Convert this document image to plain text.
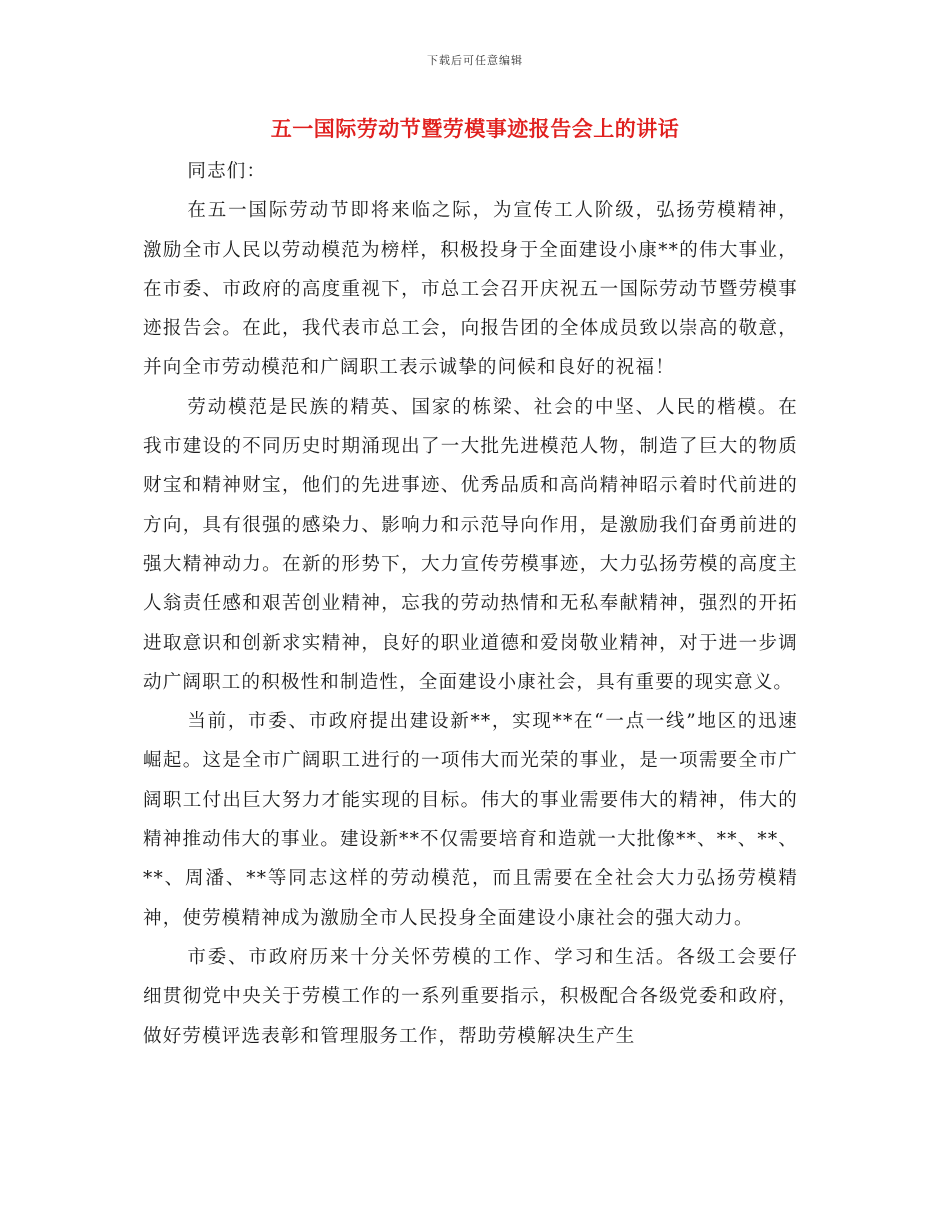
下载后可任意编辑
五一国际劳动节暨劳模事迹报告会上的讲话

同志们：

在五一国际劳动节即将来临之际，为宣传工人阶级，弘扬劳模精神，激励全市人民以劳动模范为榜样，积极投身于全面建设小康**的伟大事业，在市委、市政府的高度重视下，市总工会召开庆祝五一国际劳动节暨劳模事迹报告会。在此，我代表市总工会，向报告团的全体成员致以崇高的敬意，并向全市劳动模范和广阔职工表示诚挚的问候和良好的祝福！

劳动模范是民族的精英、国家的栋梁、社会的中坚、人民的楷模。在我市建设的不同历史时期涌现出了一大批先进模范人物，制造了巨大的物质财宝和精神财宝，他们的先进事迹、优秀品质和高尚精神昭示着时代前进的方向，具有很强的感染力、影响力和示范导向作用，是激励我们奋勇前进的强大精神动力。在新的形势下，大力宣传劳模事迹，大力弘扬劳模的高度主人翁责任感和艰苦创业精神，忘我的劳动热情和无私奉献精神，强烈的开拓进取意识和创新求实精神，良好的职业道德和爱岗敬业精神，对于进一步调动广阔职工的积极性和制造性，全面建设小康社会，具有重要的现实意义。

当前，市委、市政府提出建设新**，实现**在“一点一线”地区的迅速崛起。这是全市广阔职工进行的一项伟大而光荣的事业，是一项需要全市广阔职工付出巨大努力才能实现的目标。伟大的事业需要伟大的精神，伟大的精神推动伟大的事业。建设新**不仅需要培育和造就一大批像**、**、**、**、周潘、**等同志这样的劳动模范，而且需要在全社会大力弘扬劳模精神，使劳模精神成为激励全市人民投身全面建设小康社会的强大动力。

市委、市政府历来十分关怀劳模的工作、学习和生活。各级工会要仔细贯彻党中央关于劳模工作的一系列重要指示，积极配合各级党委和政府，做好劳模评选表彰和管理服务工作，帮助劳模解决生产生
